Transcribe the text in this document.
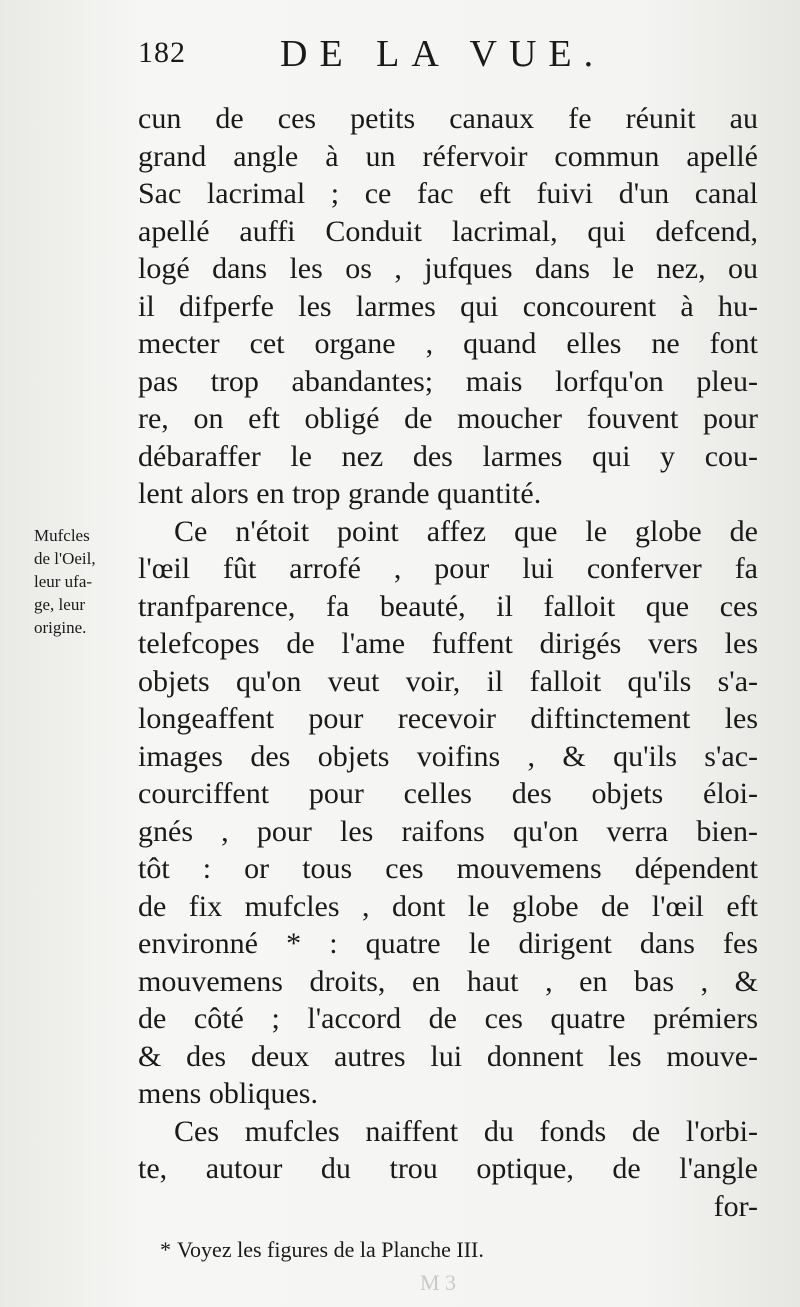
182 DE LA VUE.
Mufcles
de l'Oeil,
leur ufa-
ge, leur
origine.
cun de ces petits canaux fe réunit au
grand angle à un réfervoir commun apellé
Sac lacrimal ; ce fac eft fuivi d'un canal
apellé auffi Conduit lacrimal, qui defcend,
logé dans les os , jufques dans le nez, ou
il difperfe les larmes qui concourent à hu-
mecter cet organe , quand elles ne font
pas trop abandantes; mais lorfqu'on pleu-
re, on eft obligé de moucher fouvent pour
débaraffer le nez des larmes qui y cou-
lent alors en trop grande quantité.
Ce n'étoit point affez que le globe de
l'œil fût arrofé , pour lui conferver fa
tranfparence, fa beauté, il falloit que ces
telefcopes de l'ame fuffent dirigés vers les
objets qu'on veut voir, il falloit qu'ils s'a-
longeaffent pour recevoir diftinctement les
images des objets voifins , & qu'ils s'ac-
courciffent pour celles des objets éloi-
gnés , pour les raifons qu'on verra bien-
tôt : or tous ces mouvemens dépendent
de fix mufcles , dont le globe de l'œil eft
environné * : quatre le dirigent dans fes
mouvemens droits, en haut , en bas , &
de côté ; l'accord de ces quatre prémiers
& des deux autres lui donnent les mouve-
mens obliques.
Ces mufcles naiffent du fonds de l'orbi-
te, autour du trou optique, de l'angle
for-
* Voyez les figures de la Planche III.
M 3
